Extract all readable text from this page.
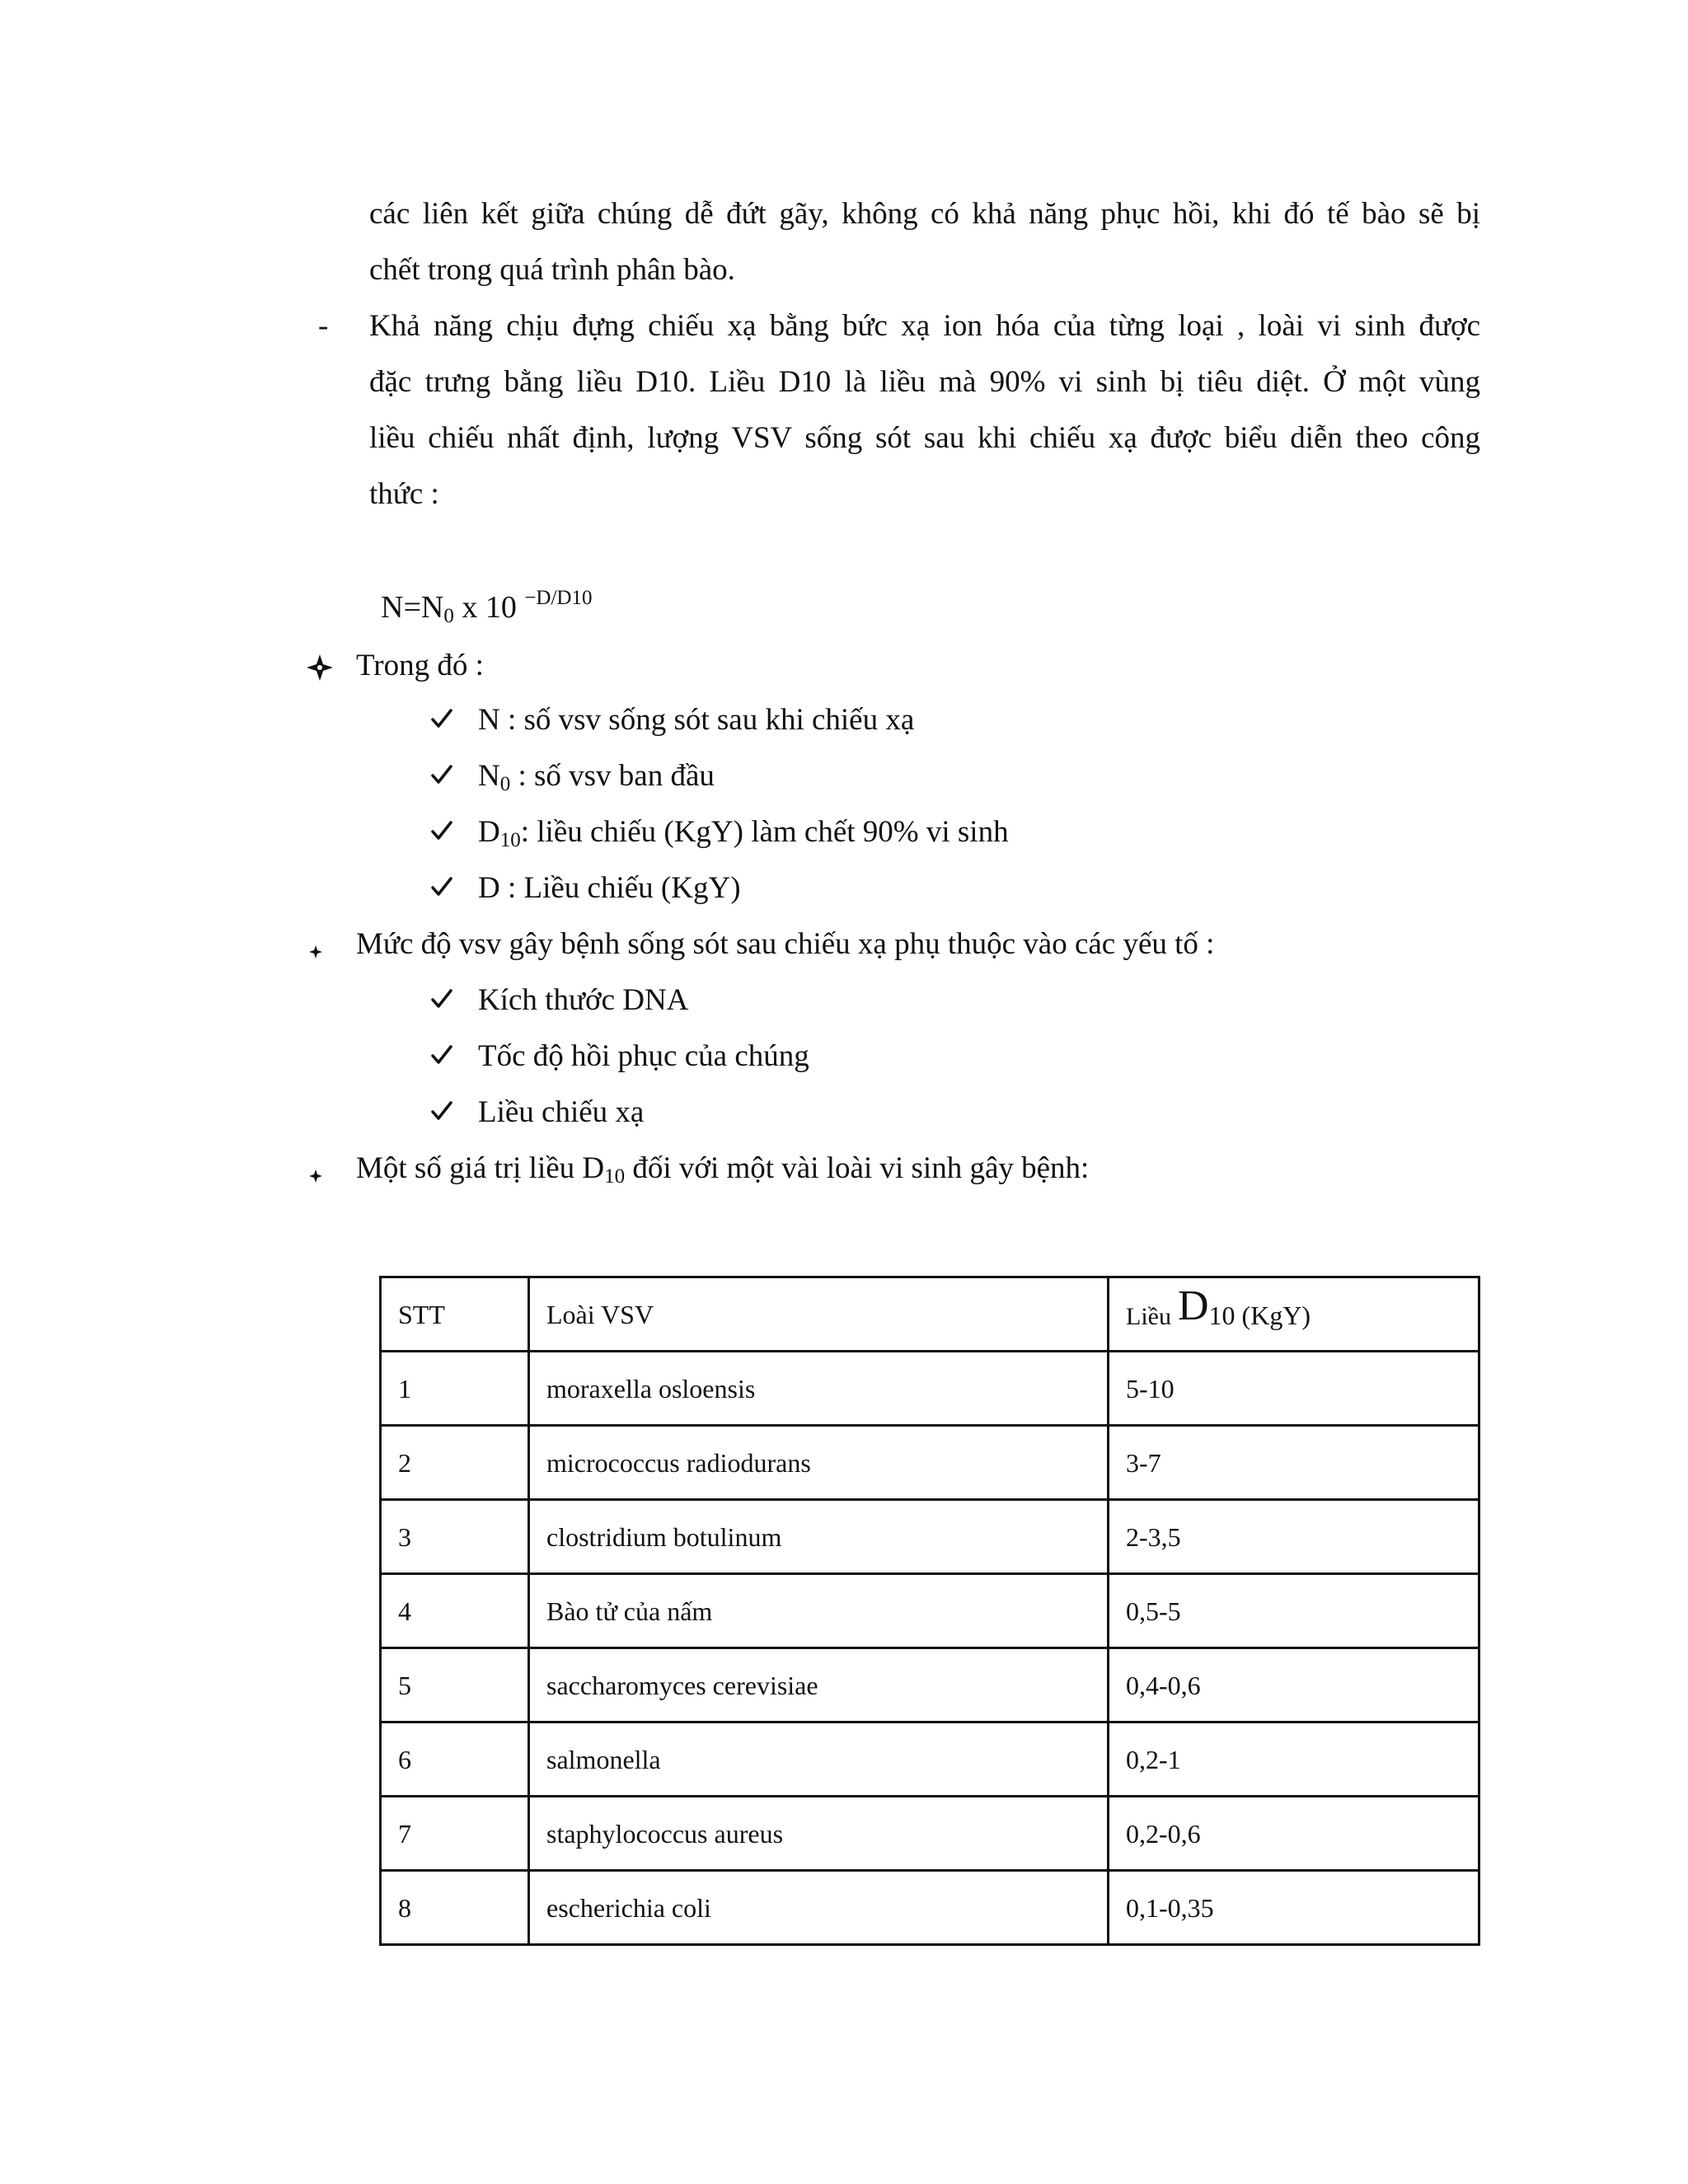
các liên kết giữa chúng dễ đứt gãy, không có khả năng phục hồi, khi đó tế bào sẽ bị
chết trong quá trình phân bào.
- Khả năng chịu đựng chiếu xạ bằng bức xạ ion hóa của từng loại , loài vi sinh được
đặc trưng bằng liều D10. Liều D10 là liều mà 90% vi sinh bị tiêu diệt. Ở một vùng
liều chiếu nhất định, lượng VSV sống sót sau khi chiếu xạ được biểu diễn theo công
thức :
N=N0 x 10 $^{-D/D10}$
Trong đó :
N : số vsv sống sót sau khi chiếu xạ
N0 : số vsv ban đầu
D10: liều chiếu (KgY) làm chết 90% vi sinh
D : Liều chiếu (KgY)
Mức độ vsv gây bệnh sống sót sau chiếu xạ phụ thuộc vào các yếu tố :
Kích thước DNA
Tốc độ hồi phục của chúng
Liều chiếu xạ
Một số giá trị liều D10 đối với một vài loài vi sinh gây bệnh:
STT	Loài VSV	Liều D10 (KgY)
1	moraxella osloensis	5-10
2	micrococcus radiodurans	3-7
3	clostridium botulinum	2-3,5
4	Bào tử của nấm	0,5-5
5	saccharomyces cerevisiae	0,4-0,6
6	salmonella	0,2-1
7	staphylococcus aureus	0,2-0,6
8	escherichia coli	0,1-0,35
